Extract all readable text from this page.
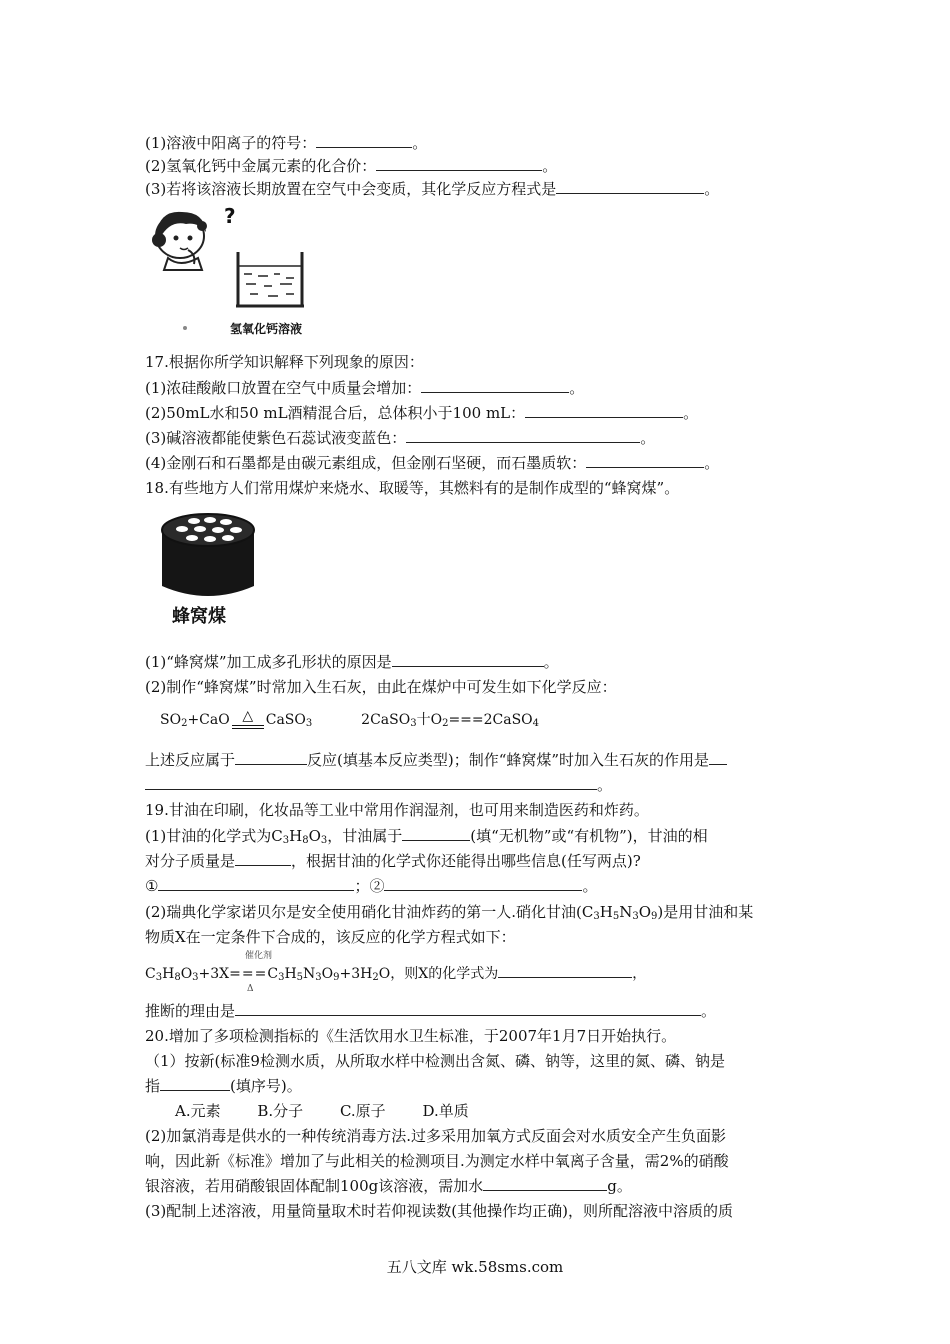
(1)溶液中阳离子的符号：	。
(2)氢氧化钙中金属元素的化合价：	。
(3)若将该溶液长期放置在空气中会变质，其化学反应方程式是	。
?
氢氧化钙溶液
17.根据你所学知识解释下列现象的原因：
(1)浓硅酸敞口放置在空气中质量会增加：	。
(2)50mL水和50 mL酒精混合后，总体积小于100 mL：	。
(3)碱溶液都能使紫色石蕊试液变蓝色：	。
(4)金刚石和石墨都是由碳元素组成，但金刚石坚硬，而石墨质软：	。
18.有些地方人们常用煤炉来烧水、取暖等，其燃料有的是制作成型的“蜂窝煤”。
蜂窝煤
(1)“蜂窝煤”加工成多孔形状的原因是	。
(2)制作“蜂窝煤”时常加入生石灰，由此在煤炉中可发生如下化学反应：
$SO_2+CaO$ △ CaSO$_3$	2CaSO$_3$十$O_2===2CaSO_4$
上述反应属于	反应(填基本反应类型)；制作“蜂窝煤”时加入生石灰的作用是
。
19.甘油在印刷，化妆品等工业中常用作润湿剂，也可用来制造医药和炸药。
(1)甘油的化学式为$C_3H_8O_3$，甘油属于	(填“无机物”或“有机物”)，甘油的相
对分子质量是	，根据甘油的化学式你还能得出哪些信息(任写两点)?
①	；②	。
(2)瑞典化学家诺贝尔是安全使用硝化甘油炸药的第一人.硝化甘油$(C_3H_5N_3O_9)$是用甘油和某
物质X在一定条件下合成的，该反应的化学方程式如下：
催化剂
$C_3H_8O_3+3X===C_3H_5N_3O_9+3H_2O$，则X的化学式为	，
Δ
推断的理由是	。
20.增加了多项检测指标的《生活饮用水卫生标准，于2007年1月7日开始执行。
（1）按新(标准9检测水质，从所取水样中检测出含氮、磷、钠等，这里的氮、磷、钠是
指	(填序号)。
A.元素 B.分子 C.原子 D.单质
(2)加氯消毒是供水的一种传统消毒方法.过多采用加氧方式反面会对水质安全产生负面影
响，因此新《标准》增加了与此相关的检测项目.为测定水样中氧离子含量，需2%的硝酸
银溶液，若用硝酸银固体配制100g该溶液，需加水	g。
(3)配制上述溶液，用量筒量取术时若仰视读数(其他操作均正确)，则所配溶液中溶质的质
五八文库 wk.58sms.com
